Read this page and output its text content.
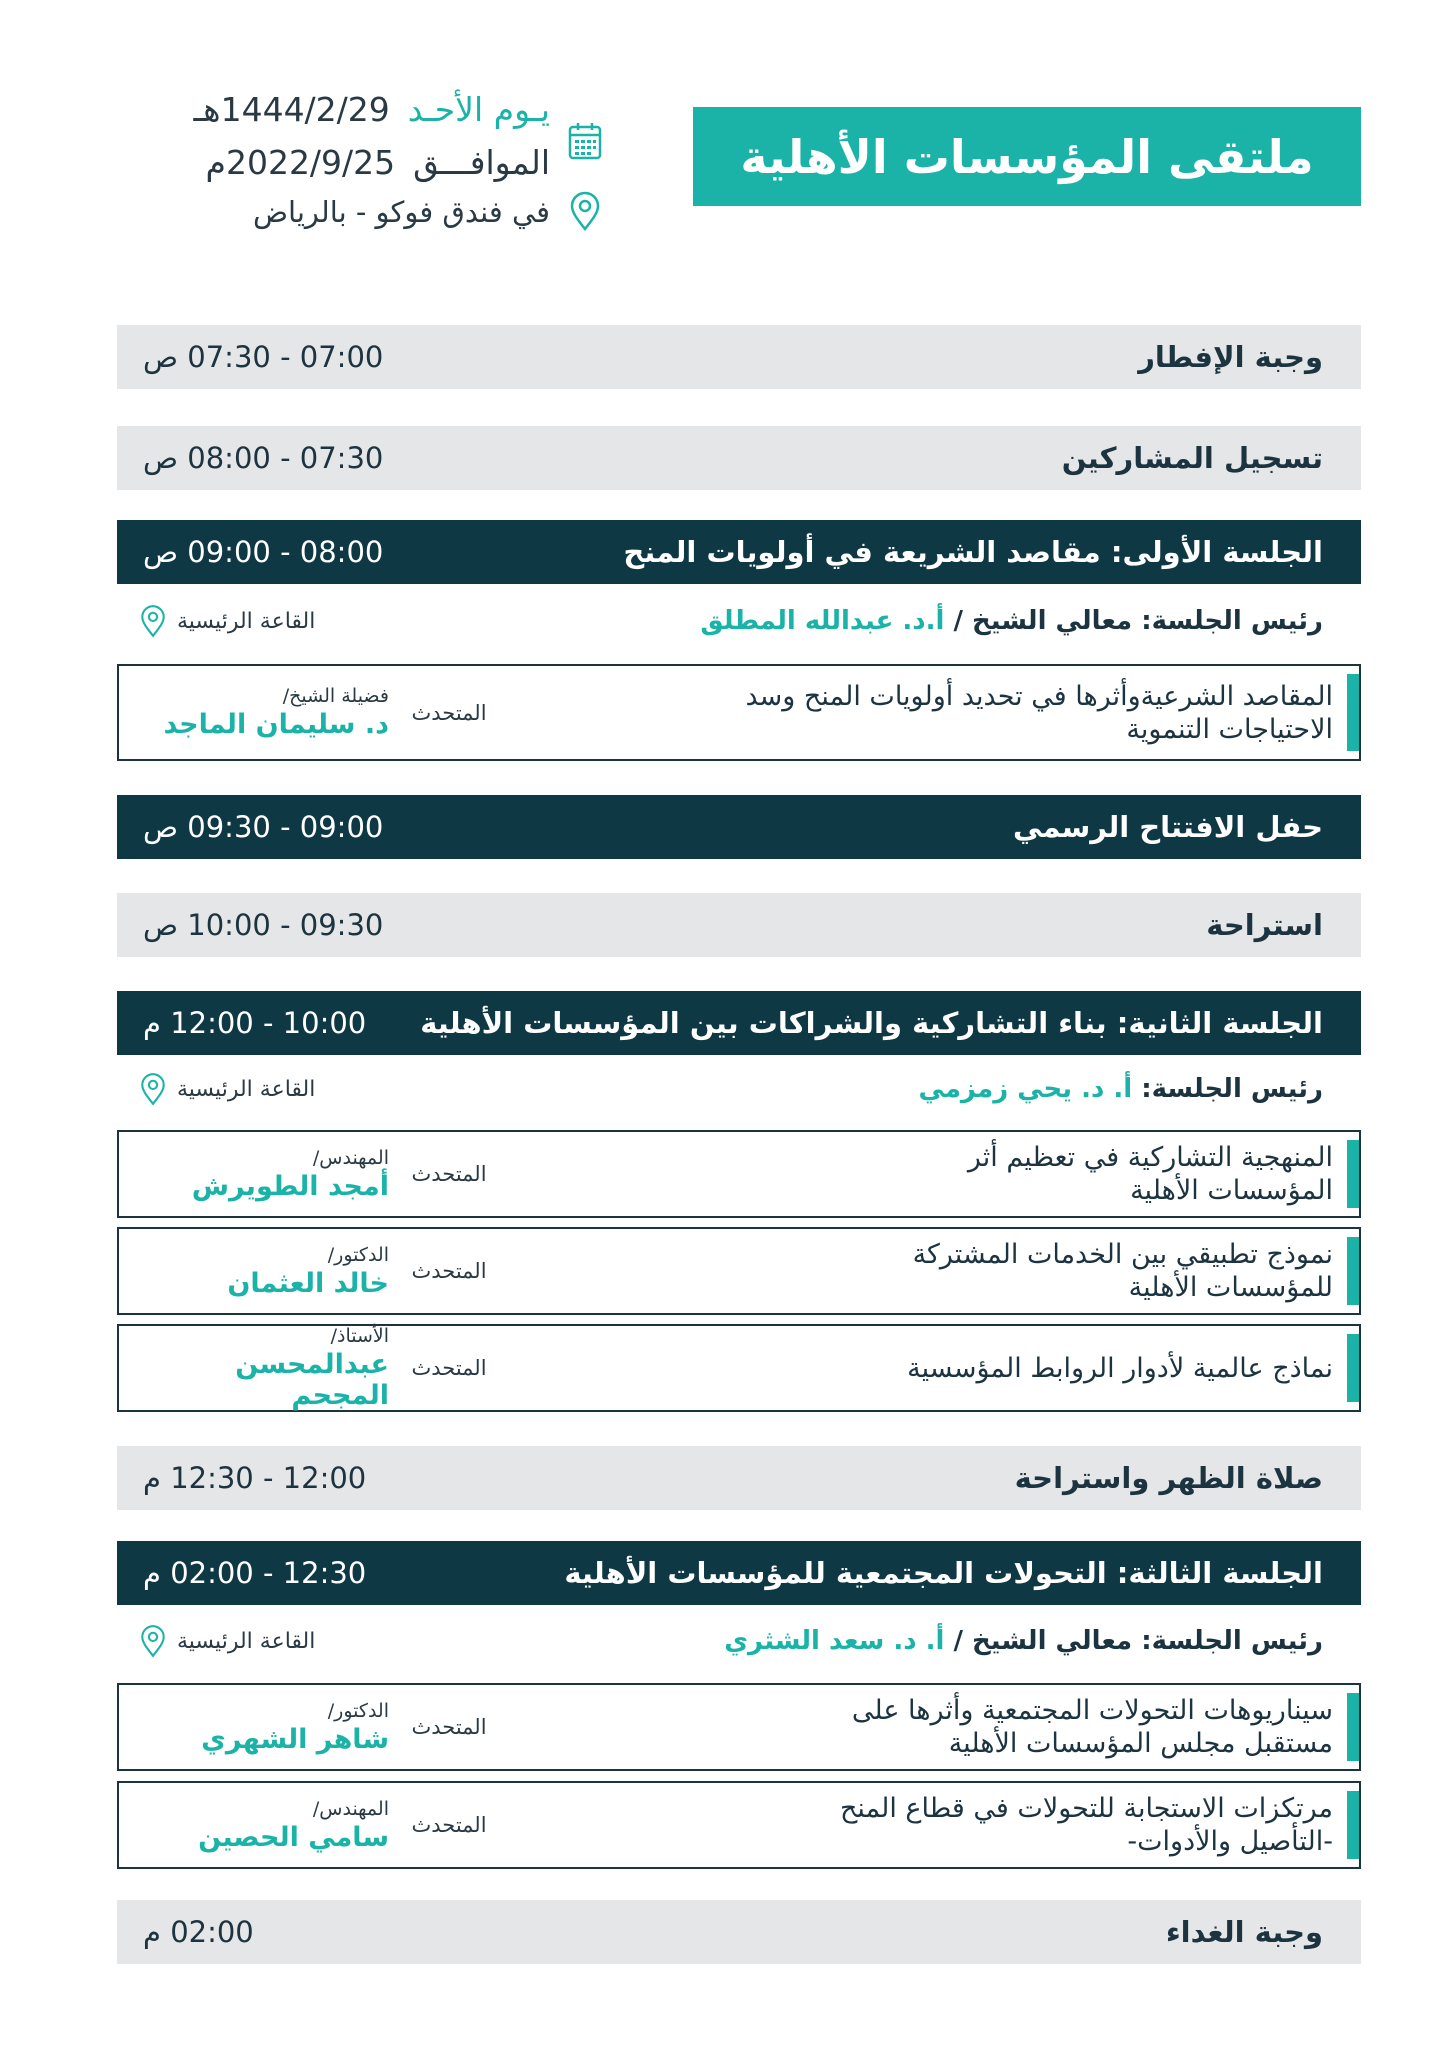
ملتقى المؤسسات الأهلية
يـوم الأحـد1444/2/29هـ
الموافـــق2022/9/25م
في فندق فوكو - بالرياض
وجبة الإفطار
07:00 - 07:30 ص
تسجيل المشاركين
07:30 - 08:00 ص
الجلسة الأولى: مقاصد الشريعة في أولويات المنح
08:00 - 09:00 ص
رئيس الجلسة: معالي الشيخ / أ.د. عبدالله المطلق
القاعة الرئيسية
المقاصد الشرعيةوأثرها في تحديد أولويات المنح وسد
الاحتياجات التنموية
المتحدث
فضيلة الشيخ/
د. سليمان الماجد
حفل الافتتاح الرسمي
09:00 - 09:30 ص
استراحة
09:30 - 10:00 ص
الجلسة الثانية: بناء التشاركية والشراكات بين المؤسسات الأهلية
10:00 - 12:00 م
رئيس الجلسة: أ. د. يحي زمزمي
القاعة الرئيسية
المنهجية التشاركية في تعظيم أثر
المؤسسات الأهلية
المتحدث
المهندس/
أمجد الطويرش
نموذج تطبيقي بين الخدمات المشتركة
للمؤسسات الأهلية
المتحدث
الدكتور/
خالد العثمان
نماذج عالمية لأدوار الروابط المؤسسية
المتحدث
الأستاذ/
عبدالمحسن المجحم
صلاة الظهر واستراحة
12:00 - 12:30 م
الجلسة الثالثة: التحولات المجتمعية للمؤسسات الأهلية
12:30 - 02:00 م
رئيس الجلسة: معالي الشيخ / أ. د. سعد الشثري
القاعة الرئيسية
سيناريوهات التحولات المجتمعية وأثرها على
مستقبل مجلس المؤسسات الأهلية
المتحدث
الدكتور/
شاهر الشهري
مرتكزات الاستجابة للتحولات في قطاع المنح
-التأصيل والأدوات-
المتحدث
المهندس/
سامي الحصين
وجبة الغداء
02:00 م
